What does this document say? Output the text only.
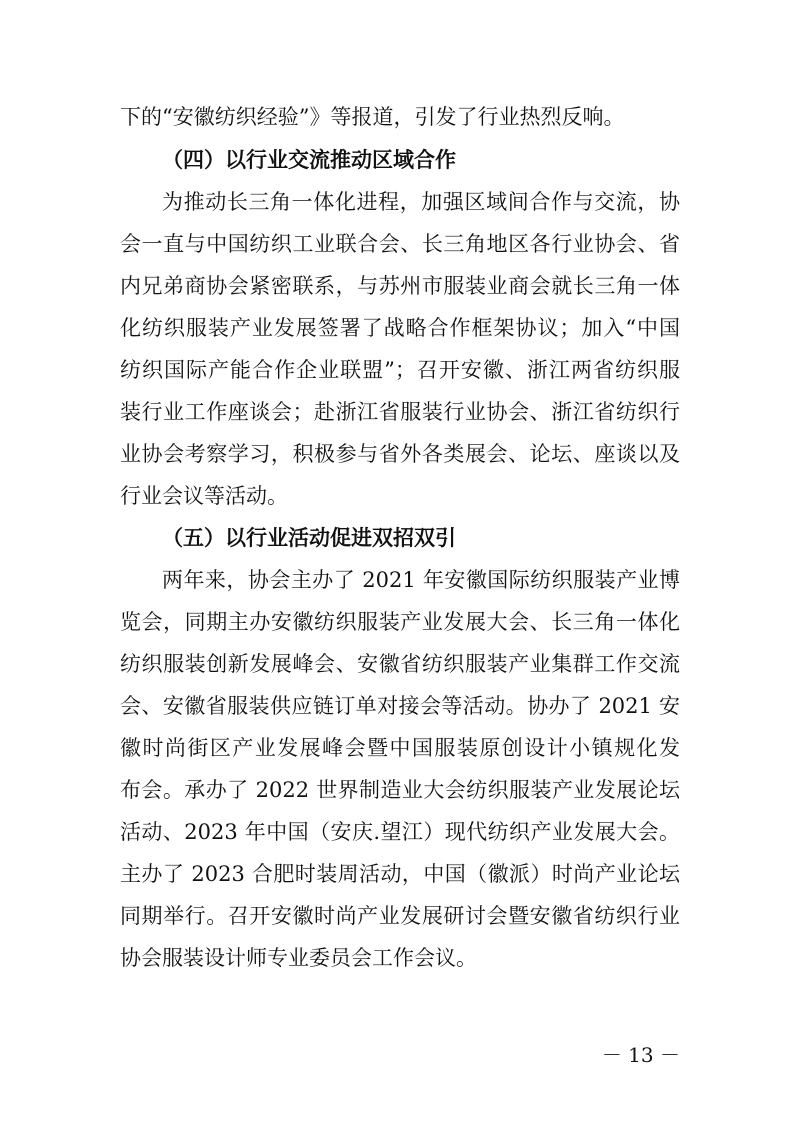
下的“安徽纺织经验”》等报道，引发了行业热烈反响。
（四）以行业交流推动区域合作
为推动长三角一体化进程，加强区域间合作与交流，协
会一直与中国纺织工业联合会、长三角地区各行业协会、省
内兄弟商协会紧密联系，与苏州市服装业商会就长三角一体
化纺织服装产业发展签署了战略合作框架协议；加入“中国
纺织国际产能合作企业联盟”；召开安徽、浙江两省纺织服
装行业工作座谈会；赴浙江省服装行业协会、浙江省纺织行
业协会考察学习，积极参与省外各类展会、论坛、座谈以及
行业会议等活动。
（五）以行业活动促进双招双引
两年来，协会主办了 2021 年安徽国际纺织服装产业博
览会，同期主办安徽纺织服装产业发展大会、长三角一体化
纺织服装创新发展峰会、安徽省纺织服装产业集群工作交流
会、安徽省服装供应链订单对接会等活动。协办了 2021 安
徽时尚街区产业发展峰会暨中国服装原创设计小镇规化发
布会。承办了 2022 世界制造业大会纺织服装产业发展论坛
活动、2023 年中国（安庆.望江）现代纺织产业发展大会。
主办了 2023 合肥时装周活动，中国（徽派）时尚产业论坛
同期举行。召开安徽时尚产业发展研讨会暨安徽省纺织行业
协会服装设计师专业委员会工作会议。
－ 13 －
